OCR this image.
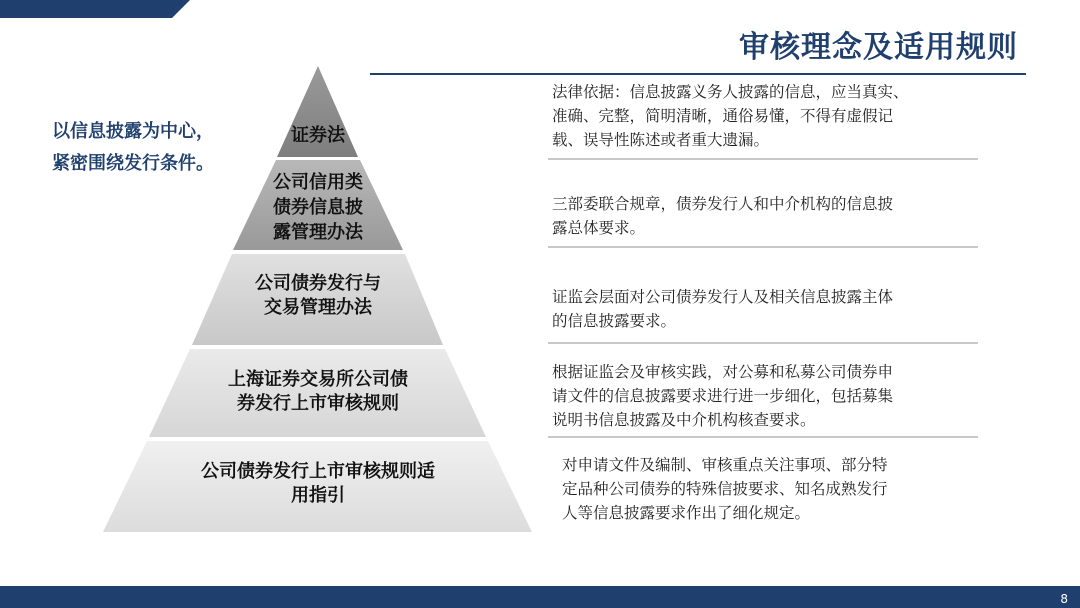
审核理念及适用规则
以信息披露为中心，
紧密围绕发行条件。
证券法
公司信用类
债券信息披
露管理办法
公司债券发行与
交易管理办法
上海证券交易所公司债
券发行上市审核规则
公司债券发行上市审核规则适
用指引
法律依据：信息披露义务人披露的信息，应当真实、
准确、完整，简明清晰，通俗易懂，不得有虚假记
载、误导性陈述或者重大遗漏。
三部委联合规章，债券发行人和中介机构的信息披
露总体要求。
证监会层面对公司债券发行人及相关信息披露主体
的信息披露要求。
根据证监会及审核实践，对公募和私募公司债券申
请文件的信息披露要求进行进一步细化，包括募集
说明书信息披露及中介机构核查要求。
对申请文件及编制、审核重点关注事项、部分特
定品种公司债券的特殊信披要求、知名成熟发行
人等信息披露要求作出了细化规定。
8
